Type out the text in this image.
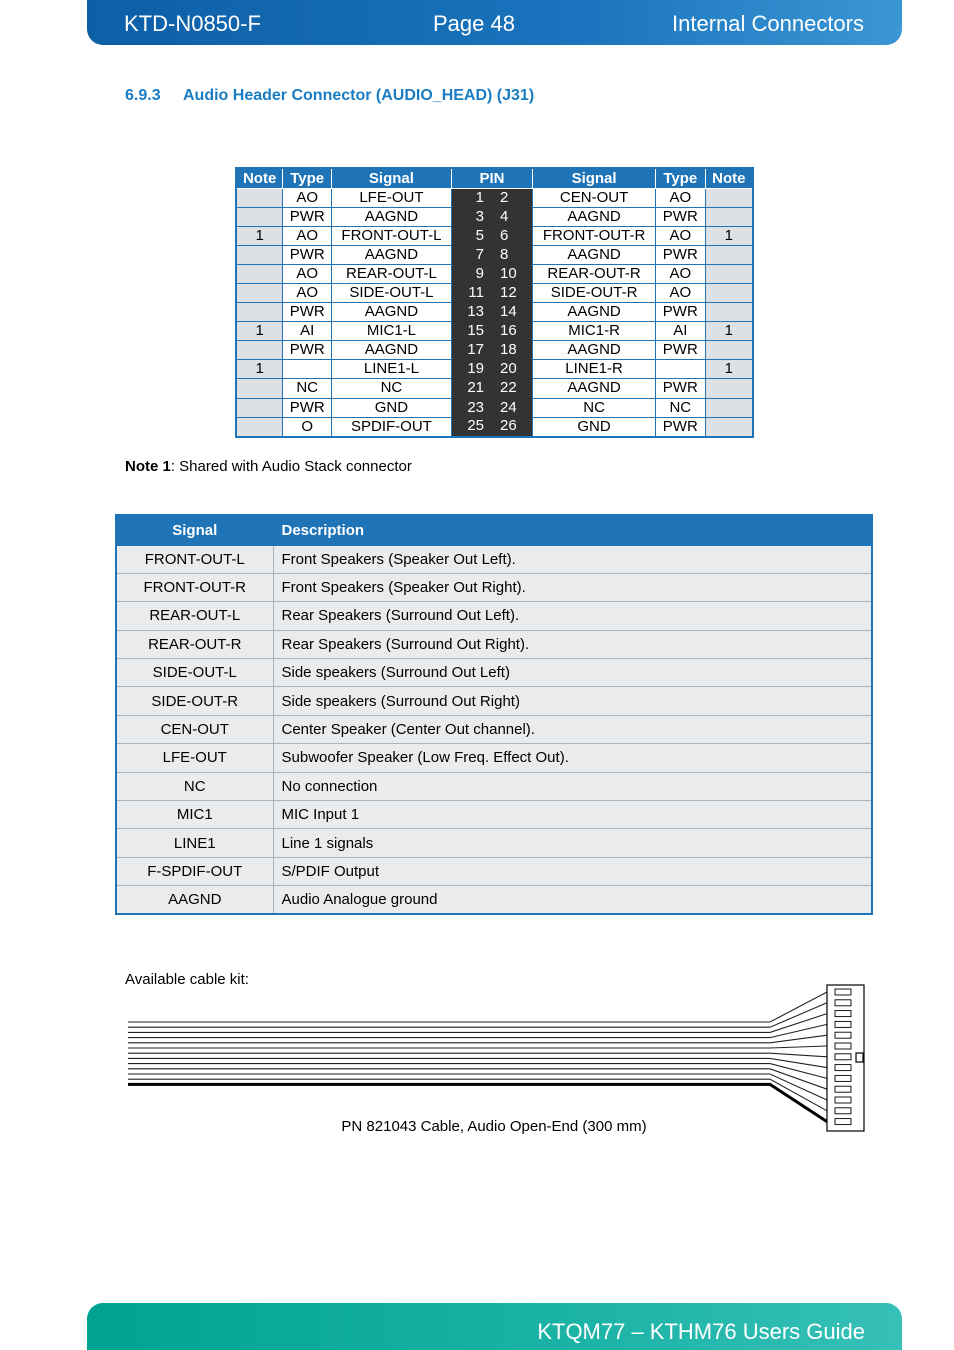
KTD-N0850-F	Page 48	Internal Connectors
6.9.3 Audio Header Connector (AUDIO_HEAD) (J31)
Note	Type	Signal	PIN		Signal	Type	Note
	AO	LFE-OUT	1	2	CEN-OUT	AO	
	PWR	AAGND	3	4	AAGND	PWR	
1	AO	FRONT-OUT-L	5	6	FRONT-OUT-R	AO	1
	PWR	AAGND	7	8	AAGND	PWR	
	AO	REAR-OUT-L	9	10	REAR-OUT-R	AO	
	AO	SIDE-OUT-L	11	12	SIDE-OUT-R	AO	
	PWR	AAGND	13	14	AAGND	PWR	
1	AI	MIC1-L	15	16	MIC1-R	AI	1
	PWR	AAGND	17	18	AAGND	PWR	
1		LINE1-L	19	20	LINE1-R		1
	NC	NC	21	22	AAGND	PWR	
	PWR	GND	23	24	NC	NC	
	O	SPDIF-OUT	25	26	GND	PWR	
Note 1: Shared with Audio Stack connector
Signal	Description
FRONT-OUT-L	Front Speakers (Speaker Out Left).
FRONT-OUT-R	Front Speakers (Speaker Out Right).
REAR-OUT-L	Rear Speakers (Surround Out Left).
REAR-OUT-R	Rear Speakers (Surround Out Right).
SIDE-OUT-L	Side speakers (Surround Out Left)
SIDE-OUT-R	Side speakers (Surround Out Right)
CEN-OUT	Center Speaker (Center Out channel).
LFE-OUT	Subwoofer Speaker (Low Freq. Effect Out).
NC	No connection
MIC1	MIC Input 1
LINE1	Line 1 signals
F-SPDIF-OUT	S/PDIF Output
AAGND	Audio Analogue ground
Available cable kit:
PN 821043 Cable, Audio Open-End (300 mm)
KTQM77 – KTHM76 Users Guide
